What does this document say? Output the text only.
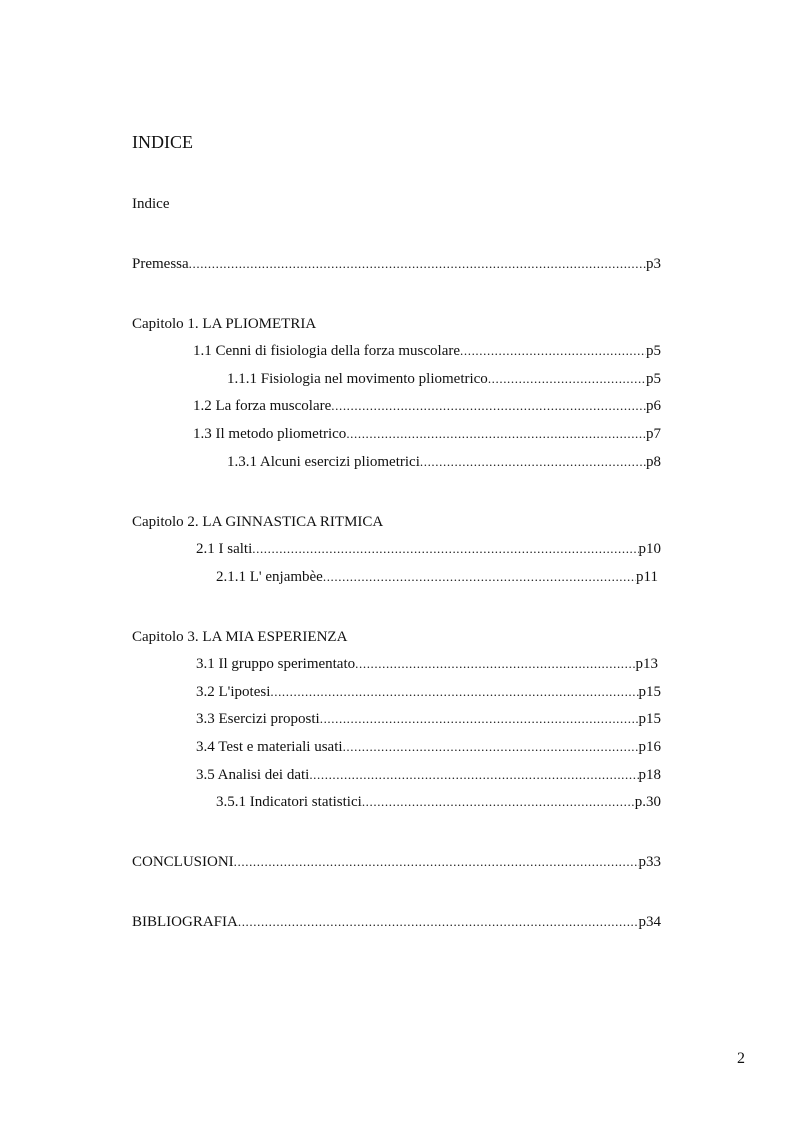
INDICE
Indice
Premessa .....	p3
Capitolo 1. LA PLIOMETRIA
1.1 Cenni di fisiologia della forza muscolare .....	p5
1.1.1 Fisiologia nel movimento pliometrico .....	p5
1.2 La forza muscolare .....	p6
1.3 Il metodo pliometrico .....	p7
1.3.1 Alcuni esercizi pliometrici .....	p8
Capitolo 2. LA GINNASTICA RITMICA
2.1 I salti .....	p10
2.1.1 L' enjambèe .....	p11
Capitolo 3. LA MIA ESPERIENZA
3.1 Il gruppo sperimentato .....	p13
3.2 L'ipotesi .....	p15
3.3 Esercizi proposti .....	p15
3.4 Test e materiali usati .....	p16
3.5 Analisi dei dati .....	p18
3.5.1 Indicatori statistici .....	p.30
CONCLUSIONI .....	p33
BIBLIOGRAFIA .....	p34
2
